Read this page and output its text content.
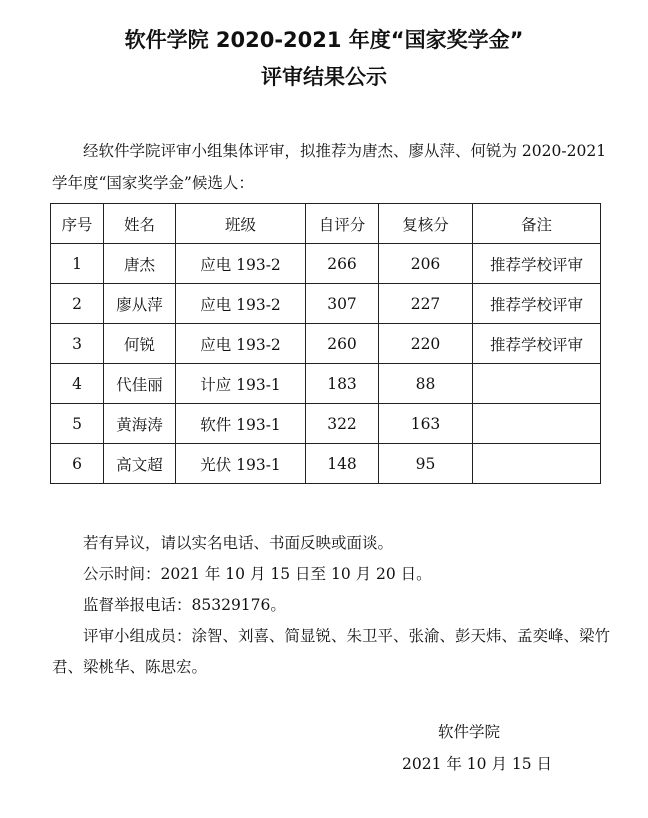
软件学院 2020-2021 年度“国家奖学金”
评审结果公示

经软件学院评审小组集体评审，拟推荐为唐杰、廖从萍、何锐为 2020-2021 学年度“国家奖学金”候选人：

序号	姓名	班级	自评分	复核分	备注
1	唐杰	应电 193-2	266	206	推荐学校评审
2	廖从萍	应电 193-2	307	227	推荐学校评审
3	何锐	应电 193-2	260	220	推荐学校评审
4	代佳丽	计应 193-1	183	88	
5	黄海涛	软件 193-1	322	163	
6	高文超	光伏 193-1	148	95	

若有异议，请以实名电话、书面反映或面谈。

公示时间：2021 年 10 月 15 日至 10 月 20 日。

监督举报电话：85329176。

评审小组成员：涂智、刘喜、简显锐、朱卫平、张渝、彭天炜、孟奕峰、梁竹君、梁桃华、陈思宏。

软件学院
2021 年 10 月 15 日
